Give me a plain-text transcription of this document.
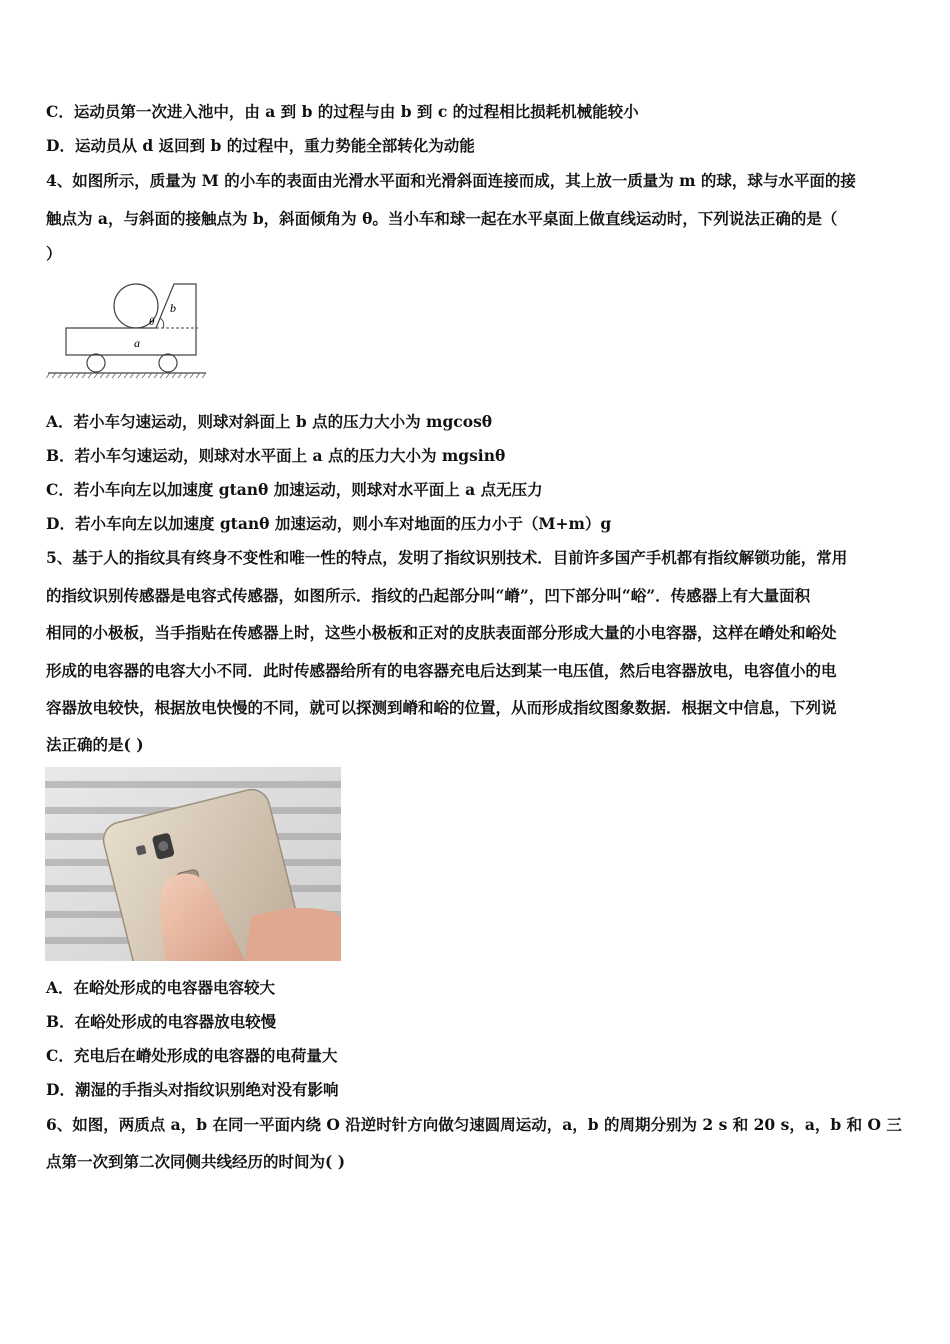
C．运动员第一次进入池中，由 a 到 b 的过程与由 b 到 c 的过程相比损耗机械能较小
D．运动员从 d 返回到 b 的过程中，重力势能全部转化为动能
4、如图所示，质量为 M 的小车的表面由光滑水平面和光滑斜面连接而成，其上放一质量为 m 的球，球与水平面的接
触点为 a，与斜面的接触点为 b，斜面倾角为 θ。当小车和球一起在水平桌面上做直线运动时，下列说法正确的是（
）
b
θ
a
A．若小车匀速运动，则球对斜面上 b 点的压力大小为 mgcosθ
B．若小车匀速运动，则球对水平面上 a 点的压力大小为 mgsinθ
C．若小车向左以加速度 gtanθ 加速运动，则球对水平面上 a 点无压力
D．若小车向左以加速度 gtanθ 加速运动，则小车对地面的压力小于（M+m）g
5、基于人的指纹具有终身不变性和唯一性的特点，发明了指纹识别技术．目前许多国产手机都有指纹解锁功能，常用
的指纹识别传感器是电容式传感器，如图所示．指纹的凸起部分叫“嵴”，凹下部分叫“峪”．传感器上有大量面积
相同的小极板，当手指贴在传感器上时，这些小极板和正对的皮肤表面部分形成大量的小电容器，这样在嵴处和峪处
形成的电容器的电容大小不同．此时传感器给所有的电容器充电后达到某一电压值，然后电容器放电，电容值小的电
容器放电较快，根据放电快慢的不同，就可以探测到嵴和峪的位置，从而形成指纹图象数据．根据文中信息，下列说
法正确的是( )
A．在峪处形成的电容器电容较大
B．在峪处形成的电容器放电较慢
C．充电后在嵴处形成的电容器的电荷量大
D．潮湿的手指头对指纹识别绝对没有影响
6、如图，两质点 a，b 在同一平面内绕 O 沿逆时针方向做匀速圆周运动，a，b 的周期分别为 2 s 和 20 s，a，b 和 O 三
点第一次到第二次同侧共线经历的时间为( )
